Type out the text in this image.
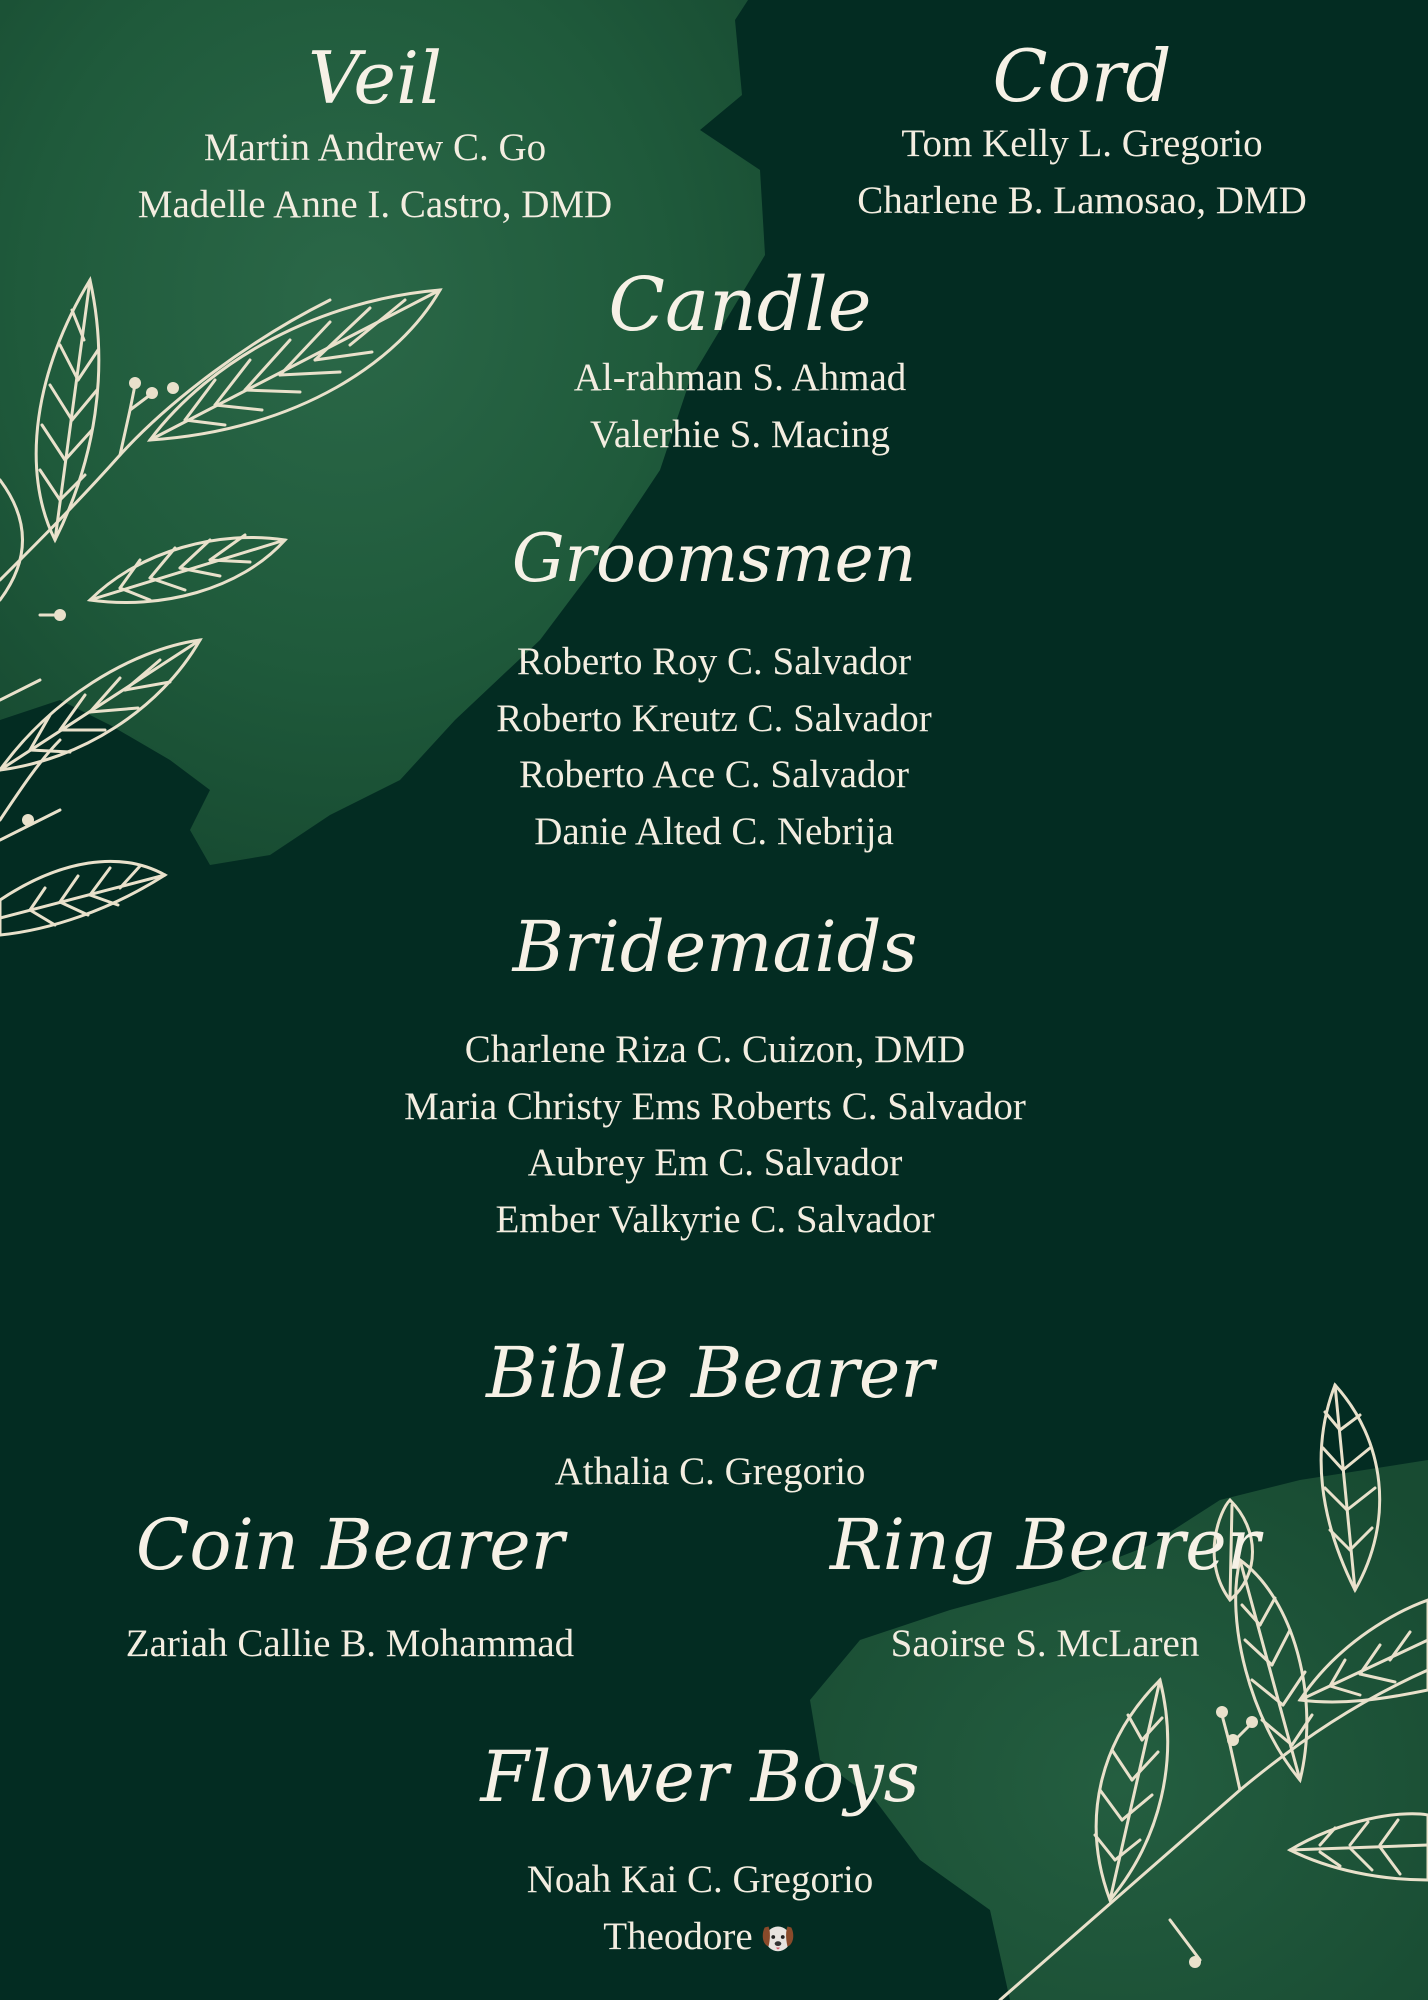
Veil
Martin Andrew C. Go
Madelle Anne I. Castro, DMD
Cord
Tom Kelly L. Gregorio
Charlene B. Lamosao, DMD
Candle
Al-rahman S. Ahmad
Valerhie S. Macing
Groomsmen
Roberto Roy C. Salvador
Roberto Kreutz C. Salvador
Roberto Ace C. Salvador
Danie Alted C. Nebrija
Bridemaids
Charlene Riza C. Cuizon, DMD
Maria Christy Ems Roberts C. Salvador
Aubrey Em C. Salvador
Ember Valkyrie C. Salvador
Bible Bearer
Athalia C. Gregorio
Coin Bearer
Zariah Callie B. Mohammad
Ring Bearer
Saoirse S. McLaren
Flower Boys
Noah Kai C. Gregorio
Theodore
